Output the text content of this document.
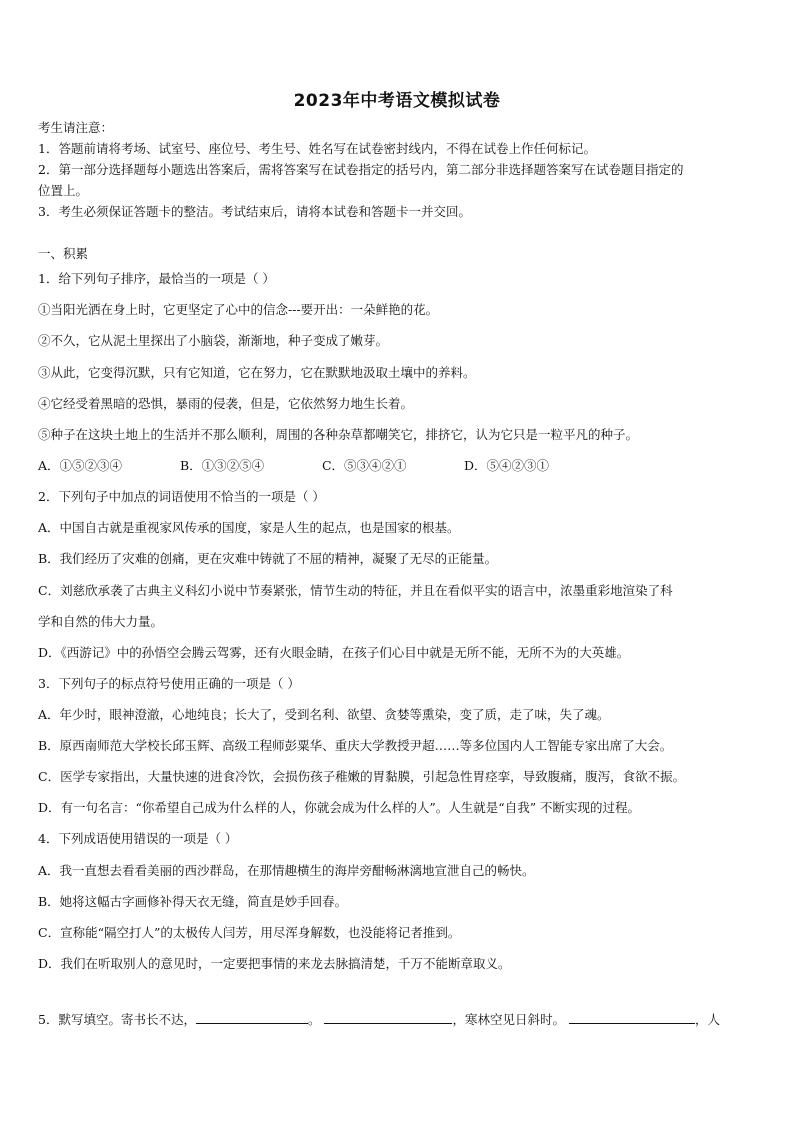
2023年中考语文模拟试卷
考生请注意：
1．答题前请将考场、试室号、座位号、考生号、姓名写在试卷密封线内，不得在试卷上作任何标记。
2．第一部分选择题每小题选出答案后，需将答案写在试卷指定的括号内，第二部分非选择题答案写在试卷题目指定的
位置上。
3．考生必须保证答题卡的整洁。考试结束后，请将本试卷和答题卡一并交回。
一、积累
1．给下列句子排序，最恰当的一项是（ ）
①当阳光洒在身上时，它更坚定了心中的信念---要开出：一朵鲜艳的花。
②不久，它从泥土里探出了小脑袋，渐渐地，种子变成了嫩芽。
③从此，它变得沉默，只有它知道，它在努力，它在默默地汲取土壤中的养料。
④它经受着黑暗的恐惧，暴雨的侵袭，但是，它依然努力地生长着。
⑤种子在这块土地上的生活并不那么顺利，周围的各种杂草都嘲笑它，排挤它，认为它只是一粒平凡的种子。
A．①⑤②③④	B．①③②⑤④	C．⑤③④②①	D．⑤④②③①
2．下列句子中加点的词语使用不恰当的一项是（ ）
A．中国自古就是重视家风传承的国度，家是人生的起点，也是国家的根基。
B．我们经历了灾难的创痛，更在灾难中铸就了不屈的精神，凝聚了无尽的正能量。
C．刘慈欣承袭了古典主义科幻小说中节奏紧张，情节生动的特征，并且在看似平实的语言中，浓墨重彩地渲染了科
学和自然的伟大力量。
D．《西游记》中的孙悟空会腾云驾雾，还有火眼金睛，在孩子们心目中就是无所不能，无所不为的大英雄。
3．下列句子的标点符号使用正确的一项是（ ）
A．年少时，眼神澄澈，心地纯良；长大了，受到名利、欲望、贪婪等熏染，变了质，走了味，失了魂。
B．原西南师范大学校长邱玉辉、高级工程师彭粟华、重庆大学教授尹超……等多位国内人工智能专家出席了大会。
C．医学专家指出，大量快速的进食冷饮，会损伤孩子稚嫩的胃黏膜，引起急性胃痉挛，导致腹痛，腹泻，食欲不振。
D．有一句名言：“你希望自己成为什么样的人，你就会成为什么样的人”。人生就是“自我” 不断实现的过程。
4．下列成语使用错误的一项是（ ）
A．我一直想去看看美丽的西沙群岛，在那情趣横生的海岸旁酣畅淋漓地宣泄自己的畅快。
B．她将这幅古字画修补得天衣无缝，简直是妙手回春。
C．宣称能“隔空打人”的太极传人闫芳，用尽浑身解数，也没能将记者推到。
D．我们在听取别人的意见时，一定要把事情的来龙去脉搞清楚，千万不能断章取义。
5．默写填空。寄书长不达，	。	，寒林空见日斜时。	，人
